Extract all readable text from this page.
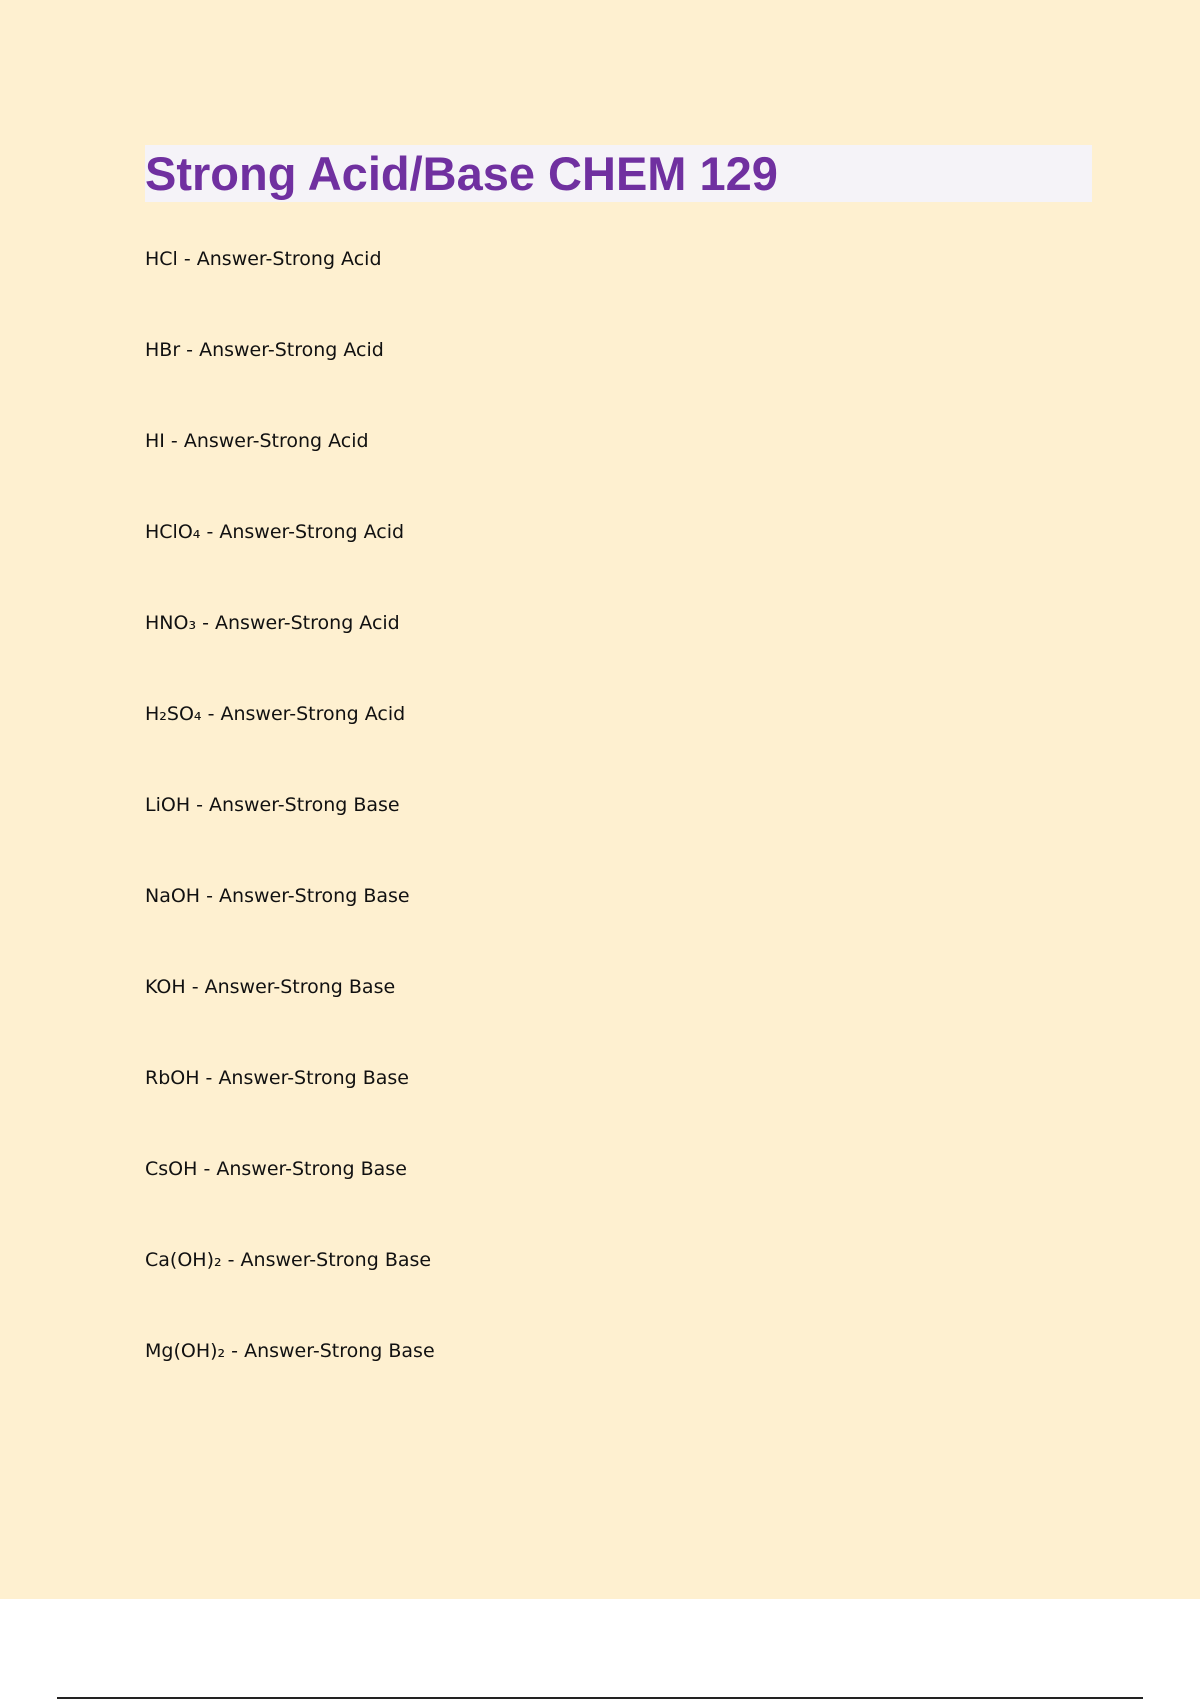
Strong Acid/Base CHEM 129
HCl - Answer-Strong Acid
HBr - Answer-Strong Acid
HI - Answer-Strong Acid
HClO₄ - Answer-Strong Acid
HNO₃ - Answer-Strong Acid
H₂SO₄ - Answer-Strong Acid
LiOH - Answer-Strong Base
NaOH - Answer-Strong Base
KOH - Answer-Strong Base
RbOH - Answer-Strong Base
CsOH - Answer-Strong Base
Ca(OH)₂ - Answer-Strong Base
Mg(OH)₂ - Answer-Strong Base
